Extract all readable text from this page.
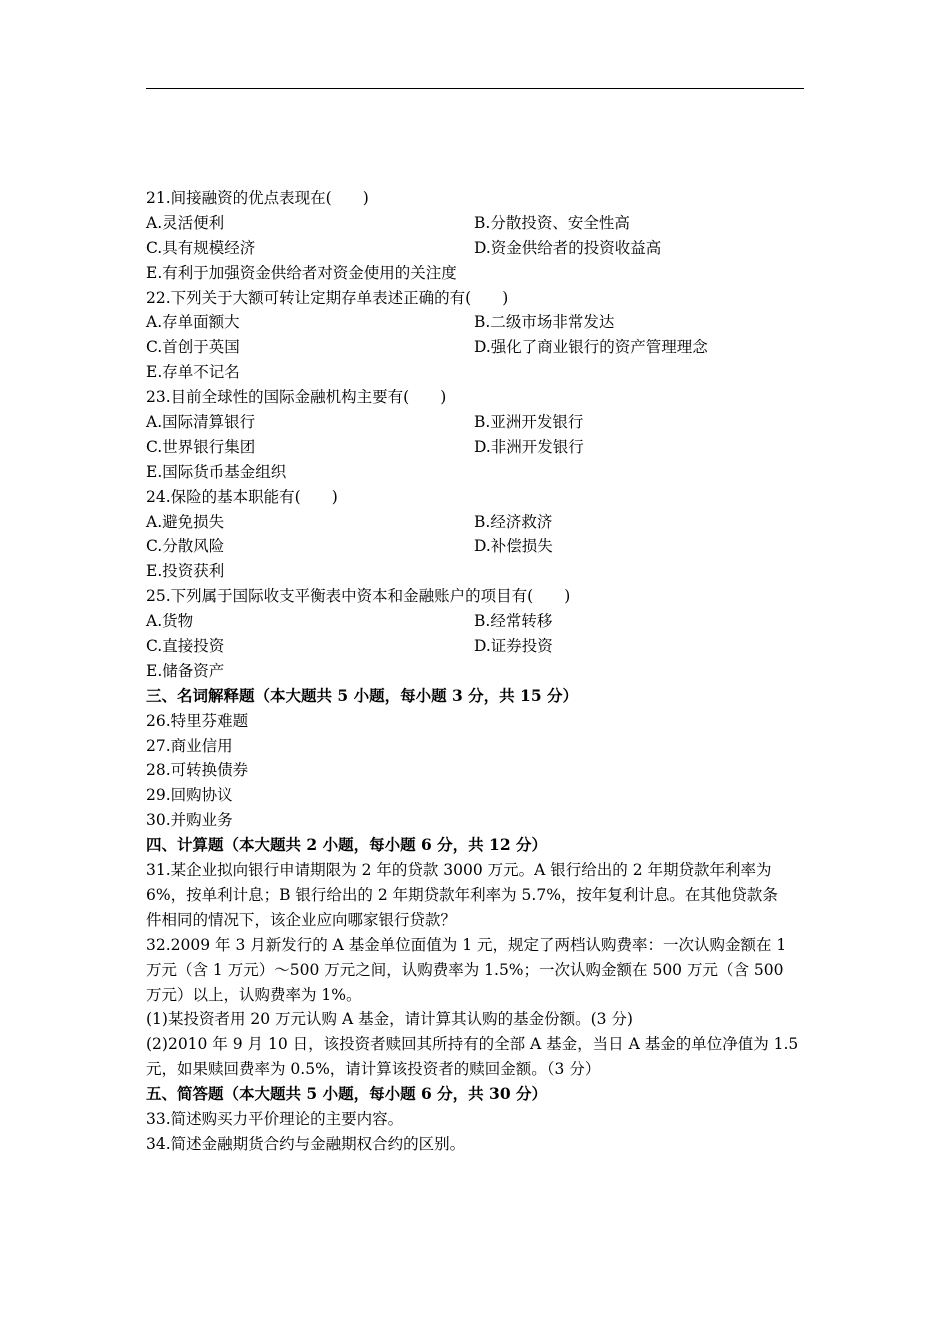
21.间接融资的优点表现在(　　)
A.灵活便利	B.分散投资、安全性高
C.具有规模经济	D.资金供给者的投资收益高
E.有利于加强资金供给者对资金使用的关注度
22.下列关于大额可转让定期存单表述正确的有(　　)
A.存单面额大	B.二级市场非常发达
C.首创于英国	D.强化了商业银行的资产管理理念
E.存单不记名
23.目前全球性的国际金融机构主要有(　　)
A.国际清算银行	B.亚洲开发银行
C.世界银行集团	D.非洲开发银行
E.国际货币基金组织
24.保险的基本职能有(　　)
A.避免损失	B.经济救济
C.分散风险	D.补偿损失
E.投资获利
25.下列属于国际收支平衡表中资本和金融账户的项目有(　　)
A.货物	B.经常转移
C.直接投资	D.证券投资
E.储备资产
三、名词解释题（本大题共 5 小题，每小题 3 分，共 15 分）
26.特里芬难题
27.商业信用
28.可转换债券
29.回购协议
30.并购业务
四、计算题（本大题共 2 小题，每小题 6 分，共 12 分）
31.某企业拟向银行申请期限为 2 年的贷款 3000 万元。A 银行给出的 2 年期贷款年利率为
6%，按单利计息；B 银行给出的 2 年期贷款年利率为 5.7%，按年复利计息。在其他贷款条
件相同的情况下，该企业应向哪家银行贷款？
32.2009 年 3 月新发行的 A 基金单位面值为 1 元，规定了两档认购费率：一次认购金额在 1
万元（含 1 万元）～500 万元之间，认购费率为 1.5%；一次认购金额在 500 万元（含 500
万元）以上，认购费率为 1%。
(1)某投资者用 20 万元认购 A 基金，请计算其认购的基金份额。(3 分)
(2)2010 年 9 月 10 日，该投资者赎回其所持有的全部 A 基金，当日 A 基金的单位净值为 1.5
元，如果赎回费率为 0.5%，请计算该投资者的赎回金额。（3 分）
五、简答题（本大题共 5 小题，每小题 6 分，共 30 分）
33.简述购买力平价理论的主要内容。
34.简述金融期货合约与金融期权合约的区别。
